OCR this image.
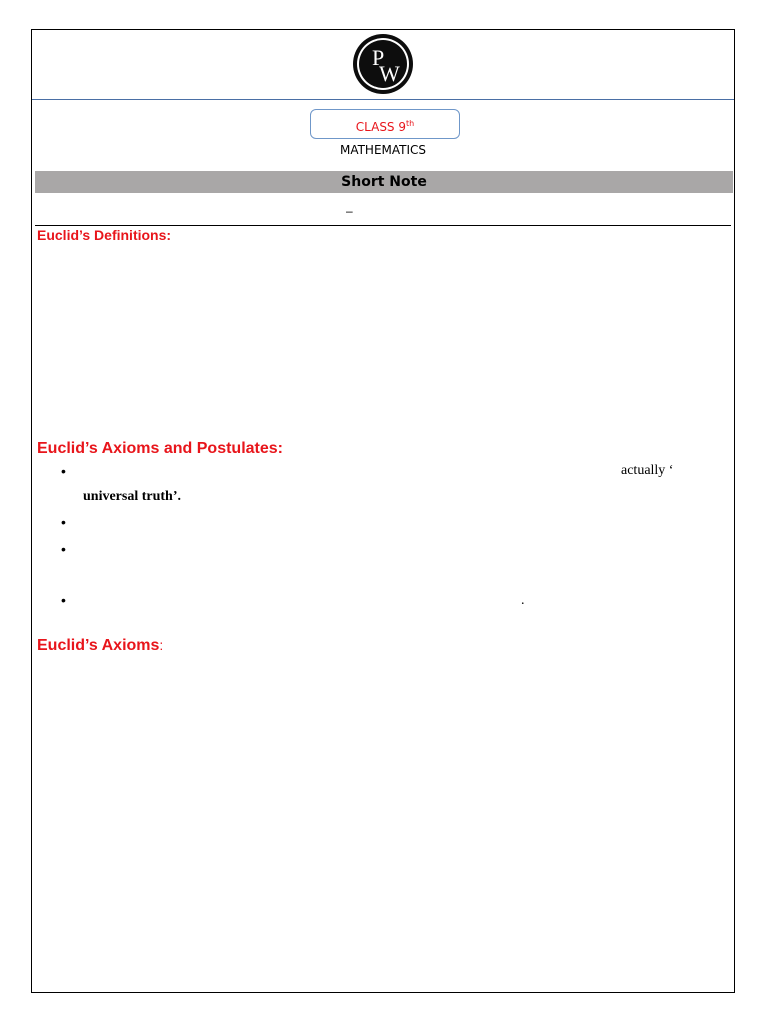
P
W
CLASS 9th
MATHEMATICS
Short Note
–
Euclid’s Definitions:
Euclid’s Axioms and Postulates:
•	actually ‘
universal truth’.
•
•
•	.
Euclid’s Axioms:
